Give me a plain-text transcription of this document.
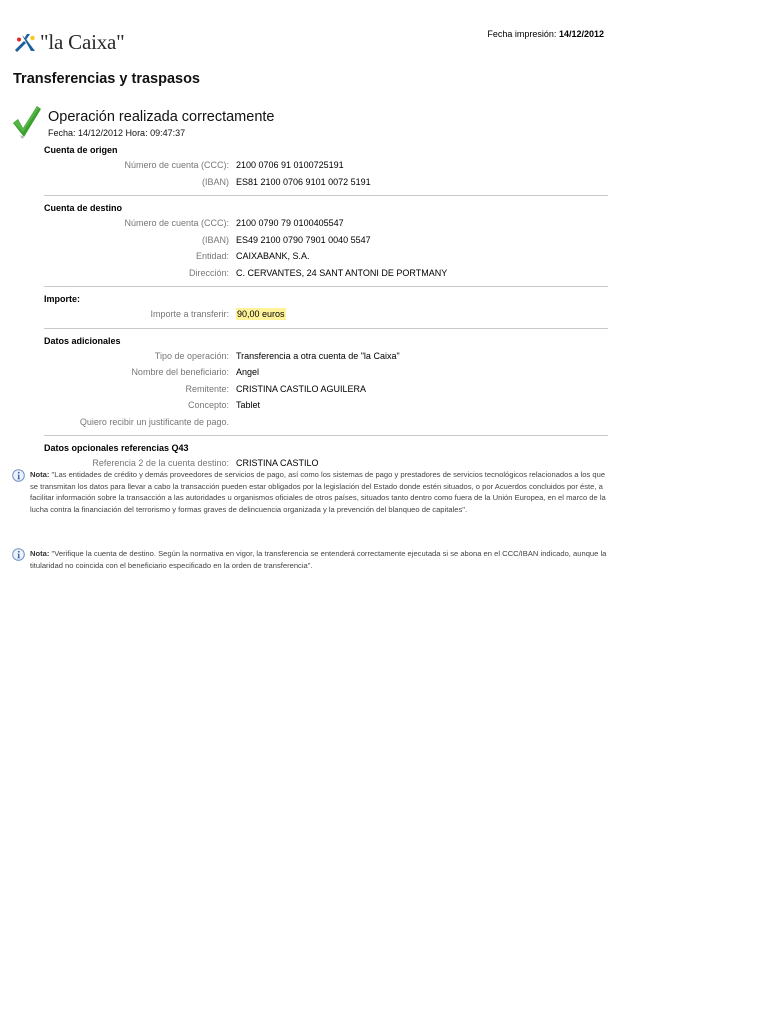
"la Caixa"	Fecha impresión: 14/12/2012
Transferencias y traspasos
Operación realizada correctamente
Fecha: 14/12/2012 Hora: 09:47:37
Cuenta de origen
Número de cuenta (CCC): 2100 0706 91 0100725191
(IBAN) ES81 2100 0706 9101 0072 5191
Cuenta de destino
Número de cuenta (CCC): 2100 0790 79 0100405547
(IBAN) ES49 2100 0790 7901 0040 5547
Entidad: CAIXABANK, S.A.
Dirección: C. CERVANTES, 24 SANT ANTONI DE PORTMANY
Importe:
Importe a transferir: 90,00 euros
Datos adicionales
Tipo de operación: Transferencia a otra cuenta de "la Caixa"
Nombre del beneficiario: Angel
Remitente: CRISTINA CASTILO AGUILERA
Concepto: Tablet
Quiero recibir un justificante de pago.
Datos opcionales referencias Q43
Referencia 2 de la cuenta destino: CRISTINA CASTILO
Nota: "Las entidades de crédito y demás proveedores de servicios de pago, así como los sistemas de pago y prestadores de servicios tecnológicos relacionados a los que se transmitan los datos para llevar a cabo la transacción pueden estar obligados por la legislación del Estado donde estén situados, o por Acuerdos concluidos por éste, a facilitar información sobre la transacción a las autoridades u organismos oficiales de otros países, situados tanto dentro como fuera de la Unión Europea, en el marco de la lucha contra la financiación del terrorismo y formas graves de delincuencia organizada y la prevención del blanqueo de capitales".
Nota: "Verifique la cuenta de destino. Según la normativa en vigor, la transferencia se entenderá correctamente ejecutada si se abona en el CCC/IBAN indicado, aunque la titularidad no coincida con el beneficiario especificado en la orden de transferencia".
